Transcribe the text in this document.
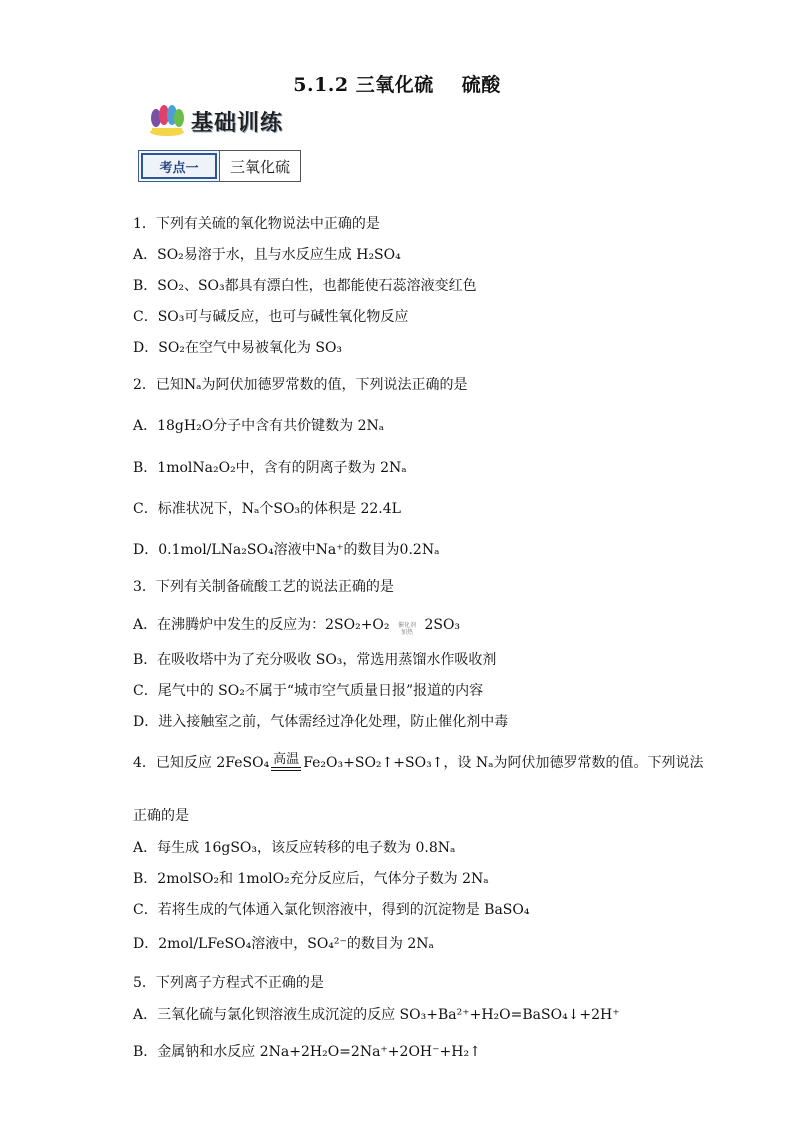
5.1.2 三氧化硫 硫酸
基础训练
考点一	三氧化硫
1．下列有关硫的氧化物说法中正确的是
A．SO₂易溶于水，且与水反应生成 H₂SO₄
B．SO₂、SO₃都具有漂白性，也都能使石蕊溶液变红色
C．SO₃可与碱反应，也可与碱性氧化物反应
D．SO₂在空气中易被氧化为 SO₃
2．已知Nₐ为阿伏加德罗常数的值，下列说法正确的是
A．18gH₂O分子中含有共价键数为 2Nₐ
B．1molNa₂O₂中，含有的阴离子数为 2Nₐ
C．标准状况下，Nₐ个SO₃的体积是 22.4L
D．0.1mol/LNa₂SO₄溶液中Na⁺的数目为0.2Nₐ
3．下列有关制备硫酸工艺的说法正确的是
A．在沸腾炉中发生的反应为：2SO₂+O₂ 催化剂
加热 2SO₃
B．在吸收塔中为了充分吸收 SO₃，常选用蒸馏水作吸收剂
C．尾气中的 SO₂不属于“城市空气质量日报”报道的内容
D．进入接触室之前，气体需经过净化处理，防止催化剂中毒
4．已知反应 2FeSO₄ 高温 Fe₂O₃+SO₂↑+SO₃↑，设 Nₐ为阿伏加德罗常数的值。下列说法
正确的是
A．每生成 16gSO₃，该反应转移的电子数为 0.8Nₐ
B．2molSO₂和 1molO₂充分反应后，气体分子数为 2Nₐ
C．若将生成的气体通入氯化钡溶液中，得到的沉淀物是 BaSO₄
D．2mol/LFeSO₄溶液中，SO₄²⁻的数目为 2Nₐ
5．下列离子方程式不正确的是
A．三氧化硫与氯化钡溶液生成沉淀的反应 SO₃+Ba²⁺+H₂O=BaSO₄↓+2H⁺
B．金属钠和水反应 2Na+2H₂O=2Na⁺+2OH⁻+H₂↑
